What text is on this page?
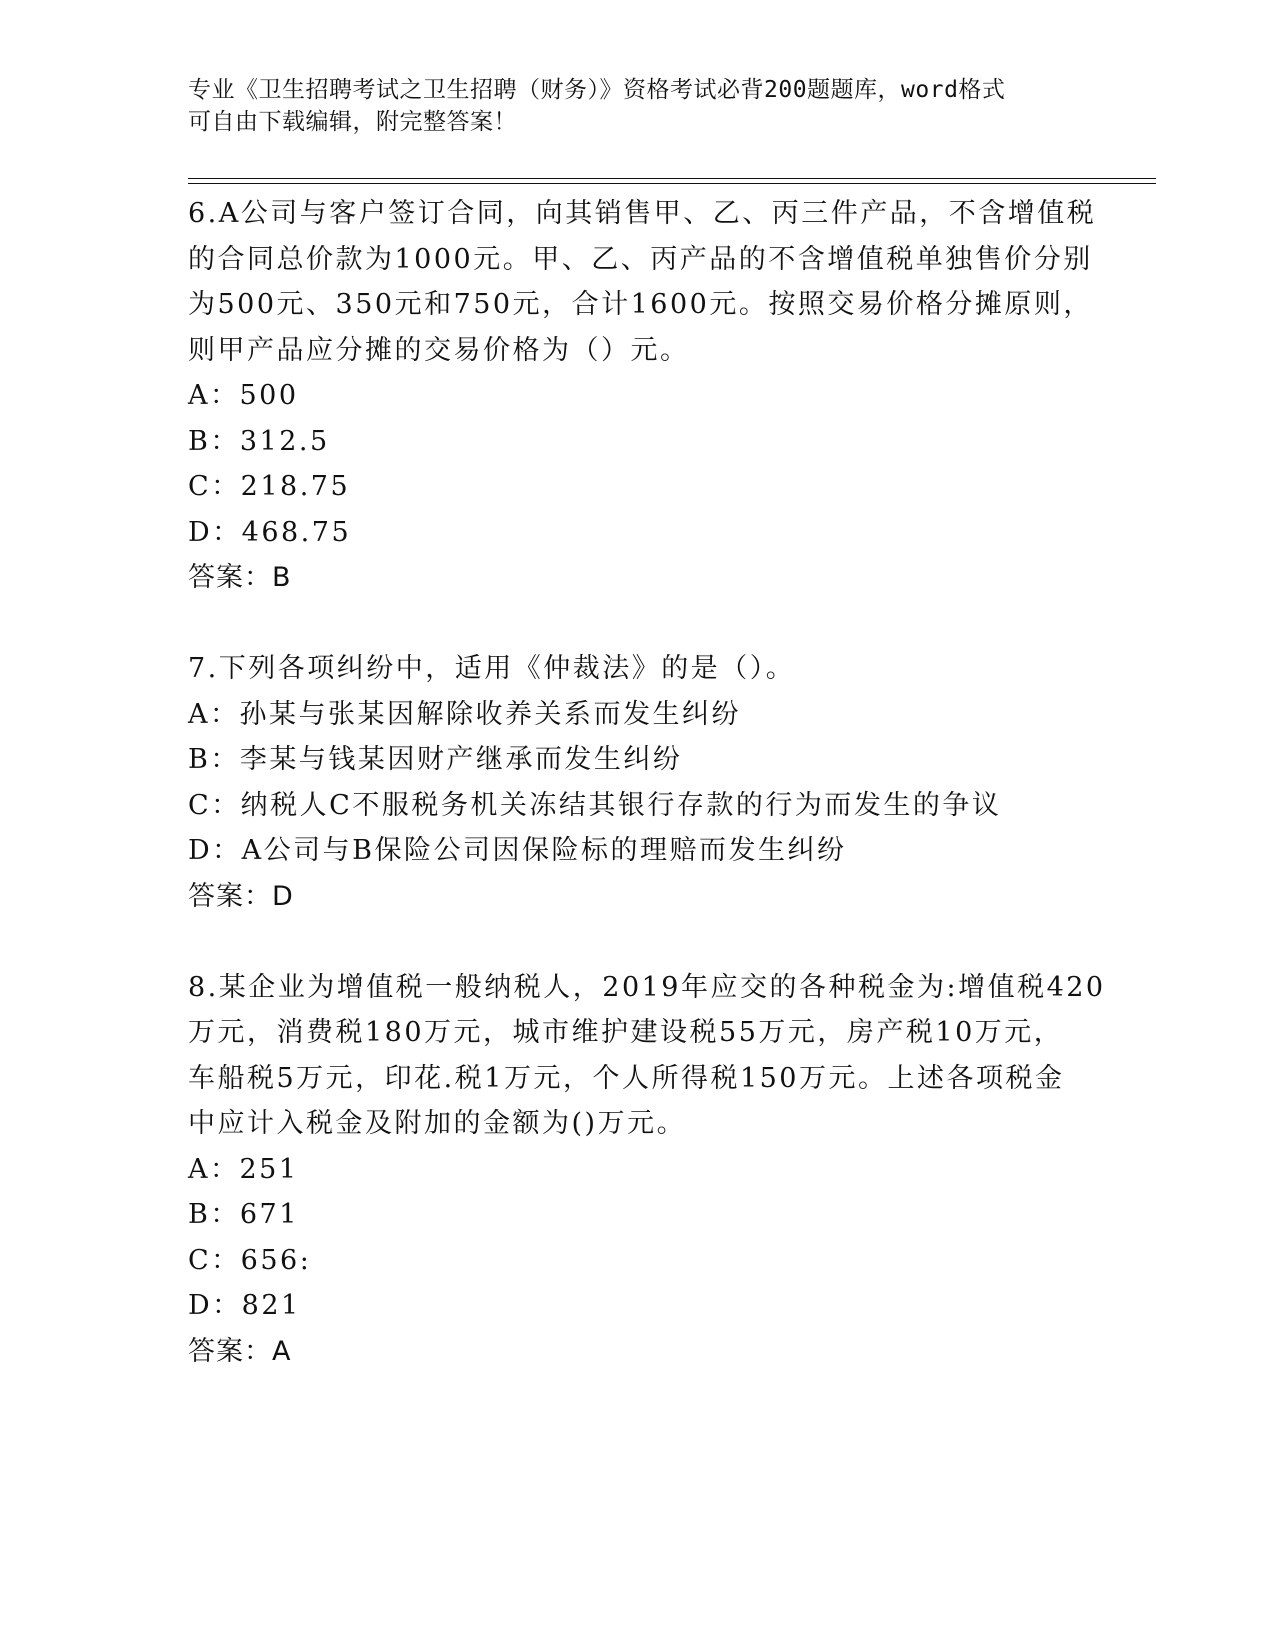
专业《卫生招聘考试之卫生招聘（财务）》资格考试必背200题题库，word格式
可自由下载编辑，附完整答案！
6.A公司与客户签订合同，向其销售甲、乙、丙三件产品，不含增值税
的合同总价款为1000元。甲、乙、丙产品的不含增值税单独售价分别
为500元、350元和750元，合计1600元。按照交易价格分摊原则，
则甲产品应分摊的交易价格为（）元。
A：500
B：312.5
C：218.75
D：468.75
答案：B
7.下列各项纠纷中，适用《仲裁法》的是（）。
A：孙某与张某因解除收养关系而发生纠纷
B：李某与钱某因财产继承而发生纠纷
C：纳税人C不服税务机关冻结其银行存款的行为而发生的争议
D：A公司与B保险公司因保险标的理赔而发生纠纷
答案：D
8.某企业为增值税一般纳税人，2019年应交的各种税金为:增值税420
万元，消费税180万元，城市维护建设税55万元，房产税10万元，
车船税5万元，印花.税1万元，个人所得税150万元。上述各项税金
中应计入税金及附加的金额为()万元。
A：251
B：671
C：656:
D：821
答案：A
